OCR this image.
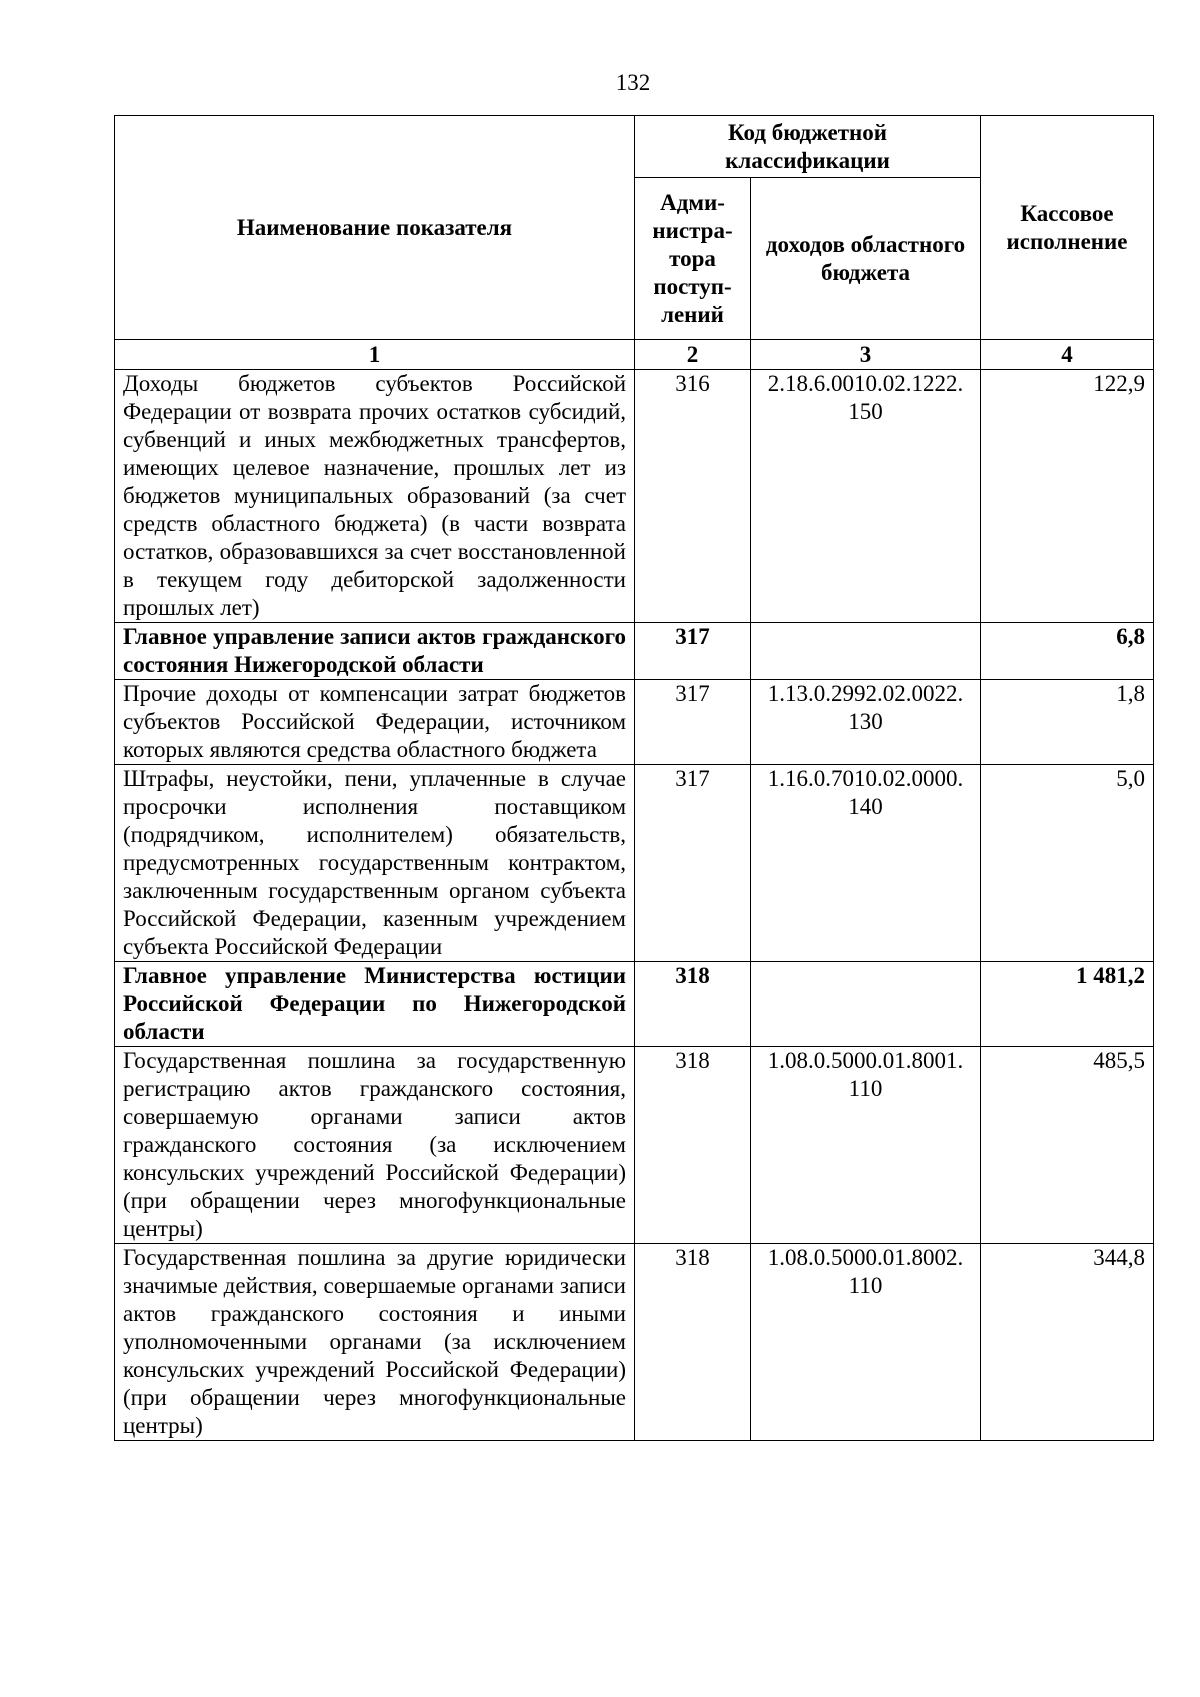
132
Наименование показателя	Код бюджетной классификации		Кассовое исполнение
	Адми-нистра-тора поступ-лений	доходов областного бюджета	
1	2	3	4
Доходы бюджетов субъектов Российской Федерации от возврата прочих остатков субсидий, субвенций и иных межбюджетных трансфертов, имеющих целевое назначение, прошлых лет из бюджетов муниципальных образований (за счет средств областного бюджета) (в части возврата остатков, образовавшихся за счет восстановленной в текущем году дебиторской задолженности прошлых лет)	316	2.18.6.0010.02.1222. 150	122,9
Главное управление записи актов гражданского состояния Нижегородской области	317		6,8
Прочие доходы от компенсации затрат бюджетов субъектов Российской Федерации, источником которых являются средства областного бюджета	317	1.13.0.2992.02.0022. 130	1,8
Штрафы, неустойки, пени, уплаченные в случае просрочки исполнения поставщиком (подрядчиком, исполнителем) обязательств, предусмотренных государственным контрактом, заключенным государственным органом субъекта Российской Федерации, казенным учреждением субъекта Российской Федерации	317	1.16.0.7010.02.0000. 140	5,0
Главное управление Министерства юстиции Российской Федерации по Нижегородской области	318		1 481,2
Государственная пошлина за государственную регистрацию актов гражданского состояния, совершаемую органами записи актов гражданского состояния (за исключением консульских учреждений Российской Федерации) (при обращении через многофункциональные центры)	318	1.08.0.5000.01.8001. 110	485,5
Государственная пошлина за другие юридически значимые действия, совершаемые органами записи актов гражданского состояния и иными уполномоченными органами (за исключением консульских учреждений Российской Федерации) (при обращении через многофункциональные центры)	318	1.08.0.5000.01.8002. 110	344,8
